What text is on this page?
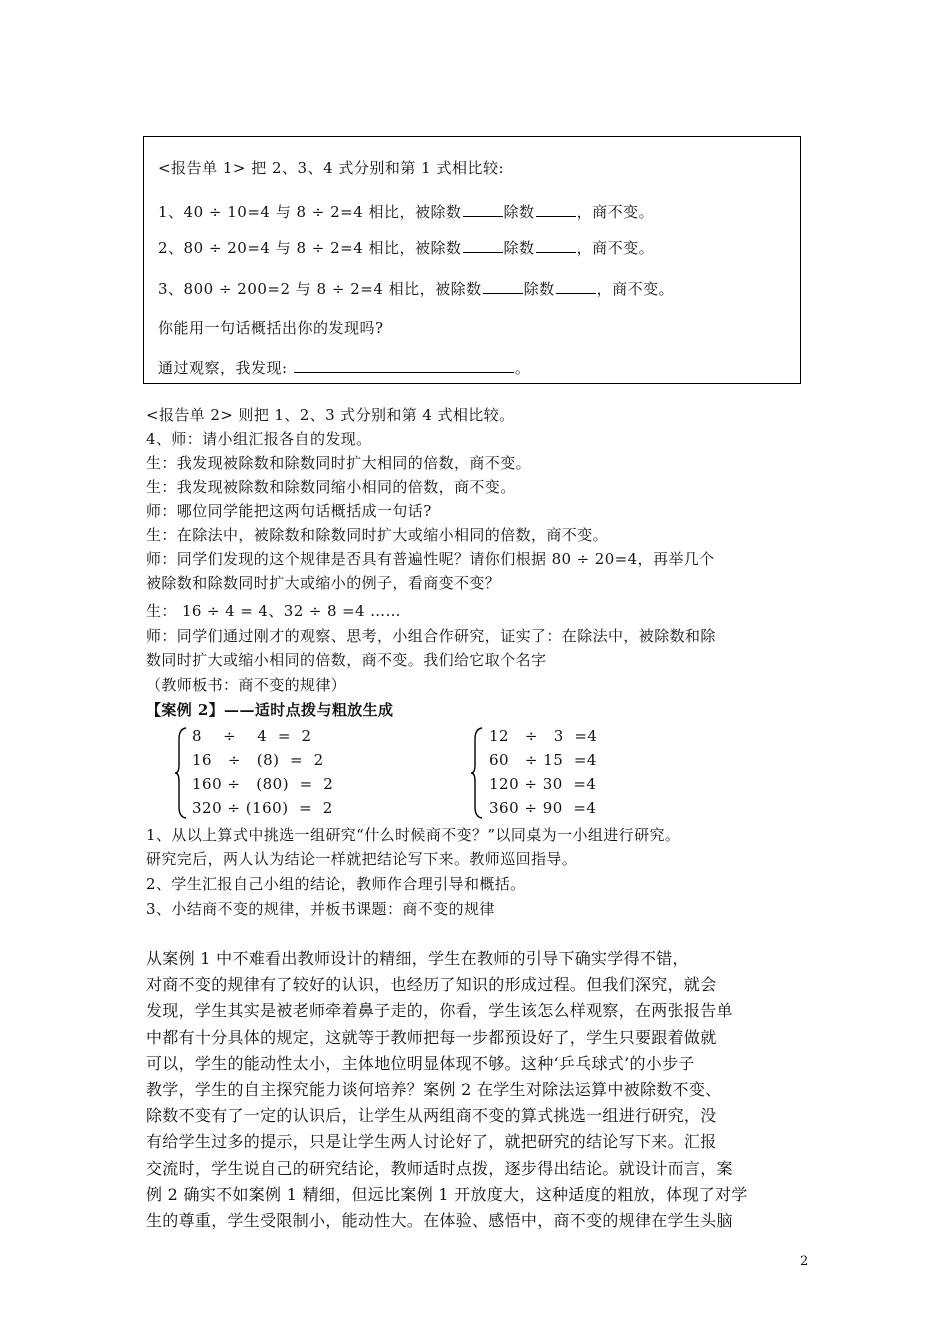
<报告单 1> 把 2、3、4 式分别和第 1 式相比较:
1、40 ÷ 10=4 与 8 ÷ 2=4 相比，被除数	除数	，商不变。
2、80 ÷ 20=4 与 8 ÷ 2=4 相比，被除数	除数	，商不变。
3、800 ÷ 200=2 与 8 ÷ 2=4 相比，被除数	除数	，商不变。
你能用一句话概括出你的发现吗?
通过观察，我发现:	。
<报告单 2> 则把 1、2、3 式分别和第 4 式相比较。
4、师：请小组汇报各自的发现。
生：我发现被除数和除数同时扩大相同的倍数，商不变。
生：我发现被除数和除数同缩小相同的倍数，商不变。
师：哪位同学能把这两句话概括成一句话?
生：在除法中，被除数和除数同时扩大或缩小相同的倍数，商不变。
师：同学们发现的这个规律是否具有普遍性呢？请你们根据 80 ÷ 20=4，再举几个
被除数和除数同时扩大或缩小的例子，看商变不变？
生： 16 ÷ 4 = 4、32 ÷ 8 =4 ……
师：同学们通过刚才的观察、思考，小组合作研究，证实了：在除法中，被除数和除
数同时扩大或缩小相同的倍数，商不变。我们给它取个名字
（教师板书：商不变的规律）
【案例 2】——适时点拨与粗放生成
8    ÷    4  =  2
16   ÷   (8)  =  2
160 ÷   (80)  =  2
320 ÷ (160)  =  2
12   ÷   3  =4
60   ÷ 15  =4
120 ÷ 30  =4
360 ÷ 90  =4
1、从以上算式中挑选一组研究“什么时候商不变？”以同桌为一小组进行研究。
研究完后，两人认为结论一样就把结论写下来。教师巡回指导。
2、学生汇报自己小组的结论，教师作合理引导和概括。
3、小结商不变的规律，并板书课题：商不变的规律
从案例 1 中不难看出教师设计的精细，学生在教师的引导下确实学得不错，
对商不变的规律有了较好的认识，也经历了知识的形成过程。但我们深究，就会
发现，学生其实是被老师牵着鼻子走的，你看，学生该怎么样观察，在两张报告单
中都有十分具体的规定，这就等于教师把每一步都预设好了，学生只要跟着做就
可以，学生的能动性太小，主体地位明显体现不够。这种‘乒乓球式’的小步子
教学，学生的自主探究能力谈何培养？案例 2 在学生对除法运算中被除数不变、
除数不变有了一定的认识后，让学生从两组商不变的算式挑选一组进行研究，没
有给学生过多的提示，只是让学生两人讨论好了，就把研究的结论写下来。汇报
交流时，学生说自己的研究结论，教师适时点拨，逐步得出结论。就设计而言，案
例 2 确实不如案例 1 精细，但远比案例 1 开放度大，这种适度的粗放，体现了对学
生的尊重，学生受限制小，能动性大。在体验、感悟中，商不变的规律在学生头脑
2
